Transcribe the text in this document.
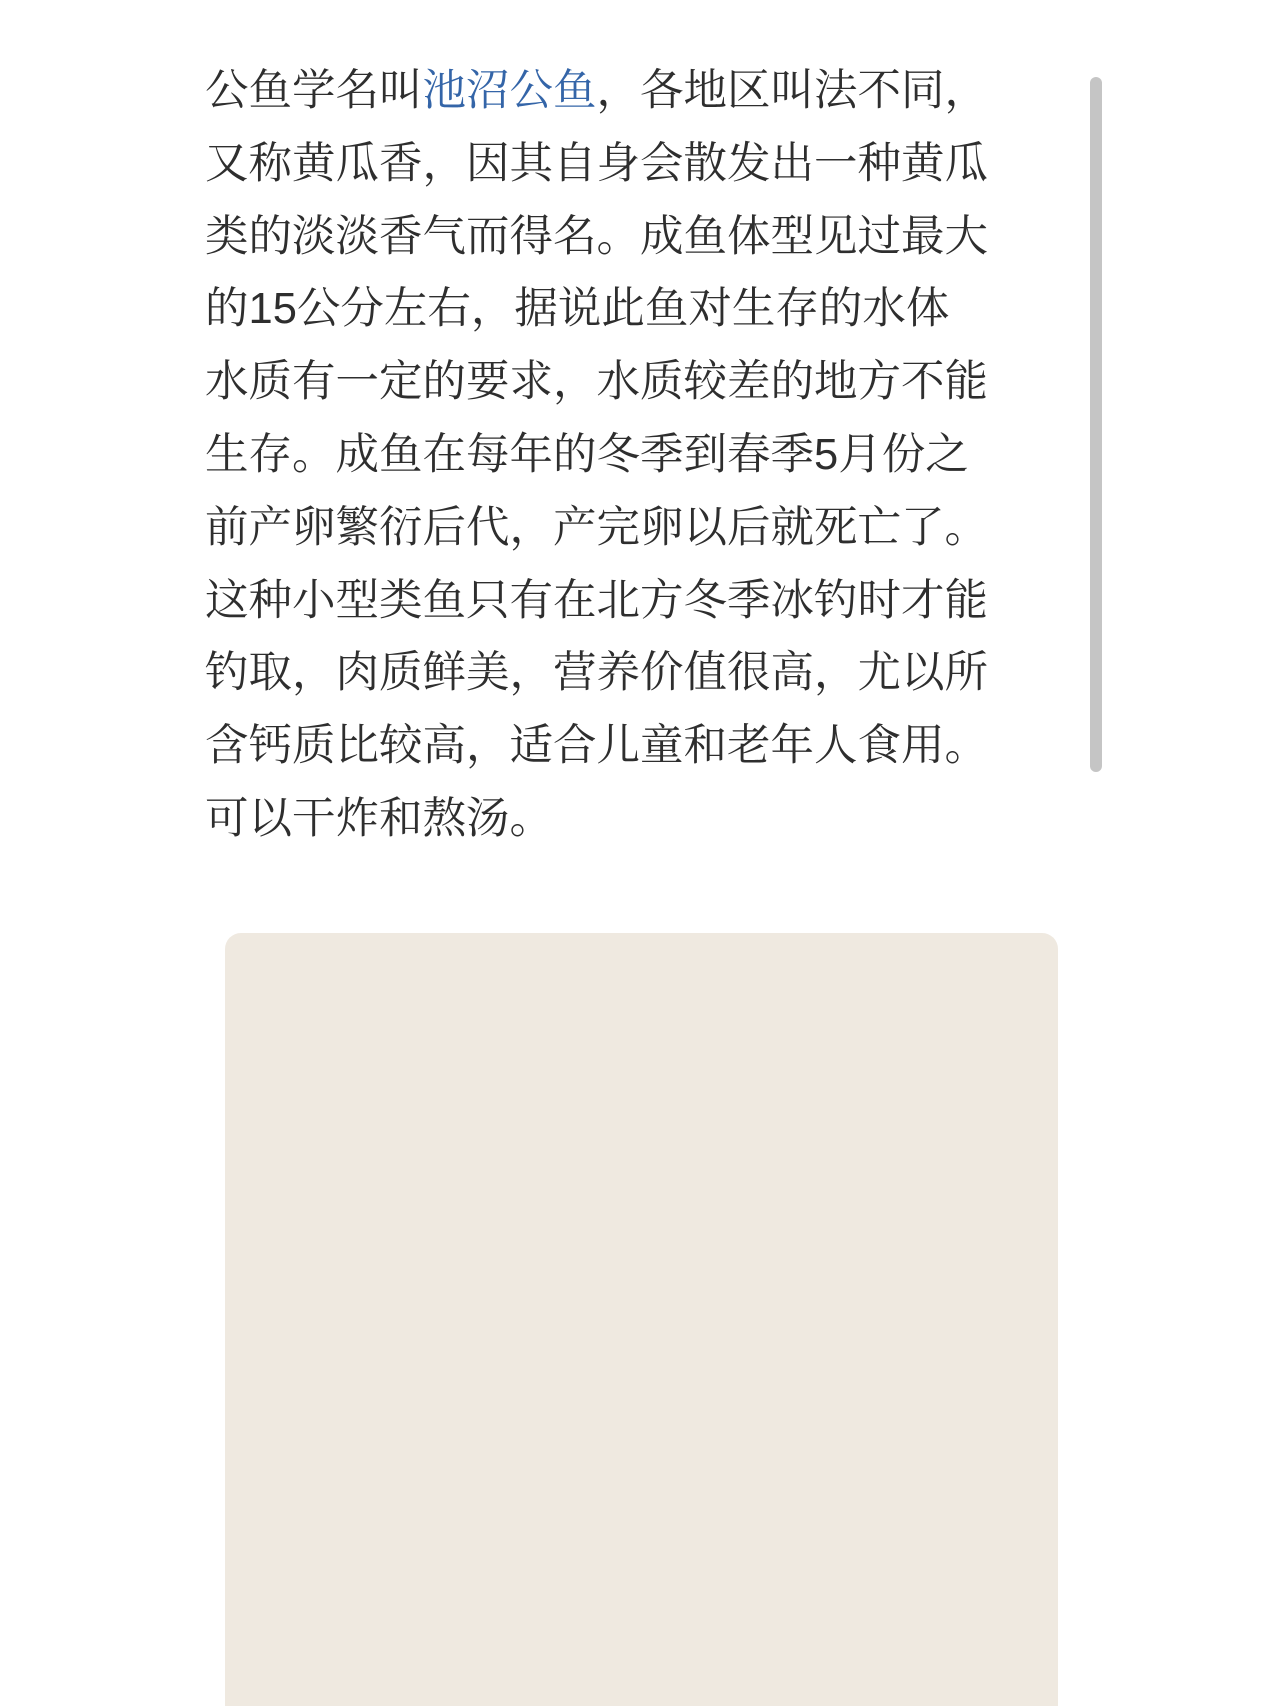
公鱼学名叫池沼公鱼，各地区叫法不同，又称黄瓜香，因其自身会散发出一种黄瓜类的淡淡香气而得名。成鱼体型见过最大的15公分左右，据说此鱼对生存的水体水质有一定的要求，水质较差的地方不能生存。成鱼在每年的冬季到春季5月份之前产卵繁衍后代，产完卵以后就死亡了。这种小型类鱼只有在北方冬季冰钓时才能钓取，肉质鲜美，营养价值很高，尤以所含钙质比较高，适合儿童和老年人食用。可以干炸和熬汤。
